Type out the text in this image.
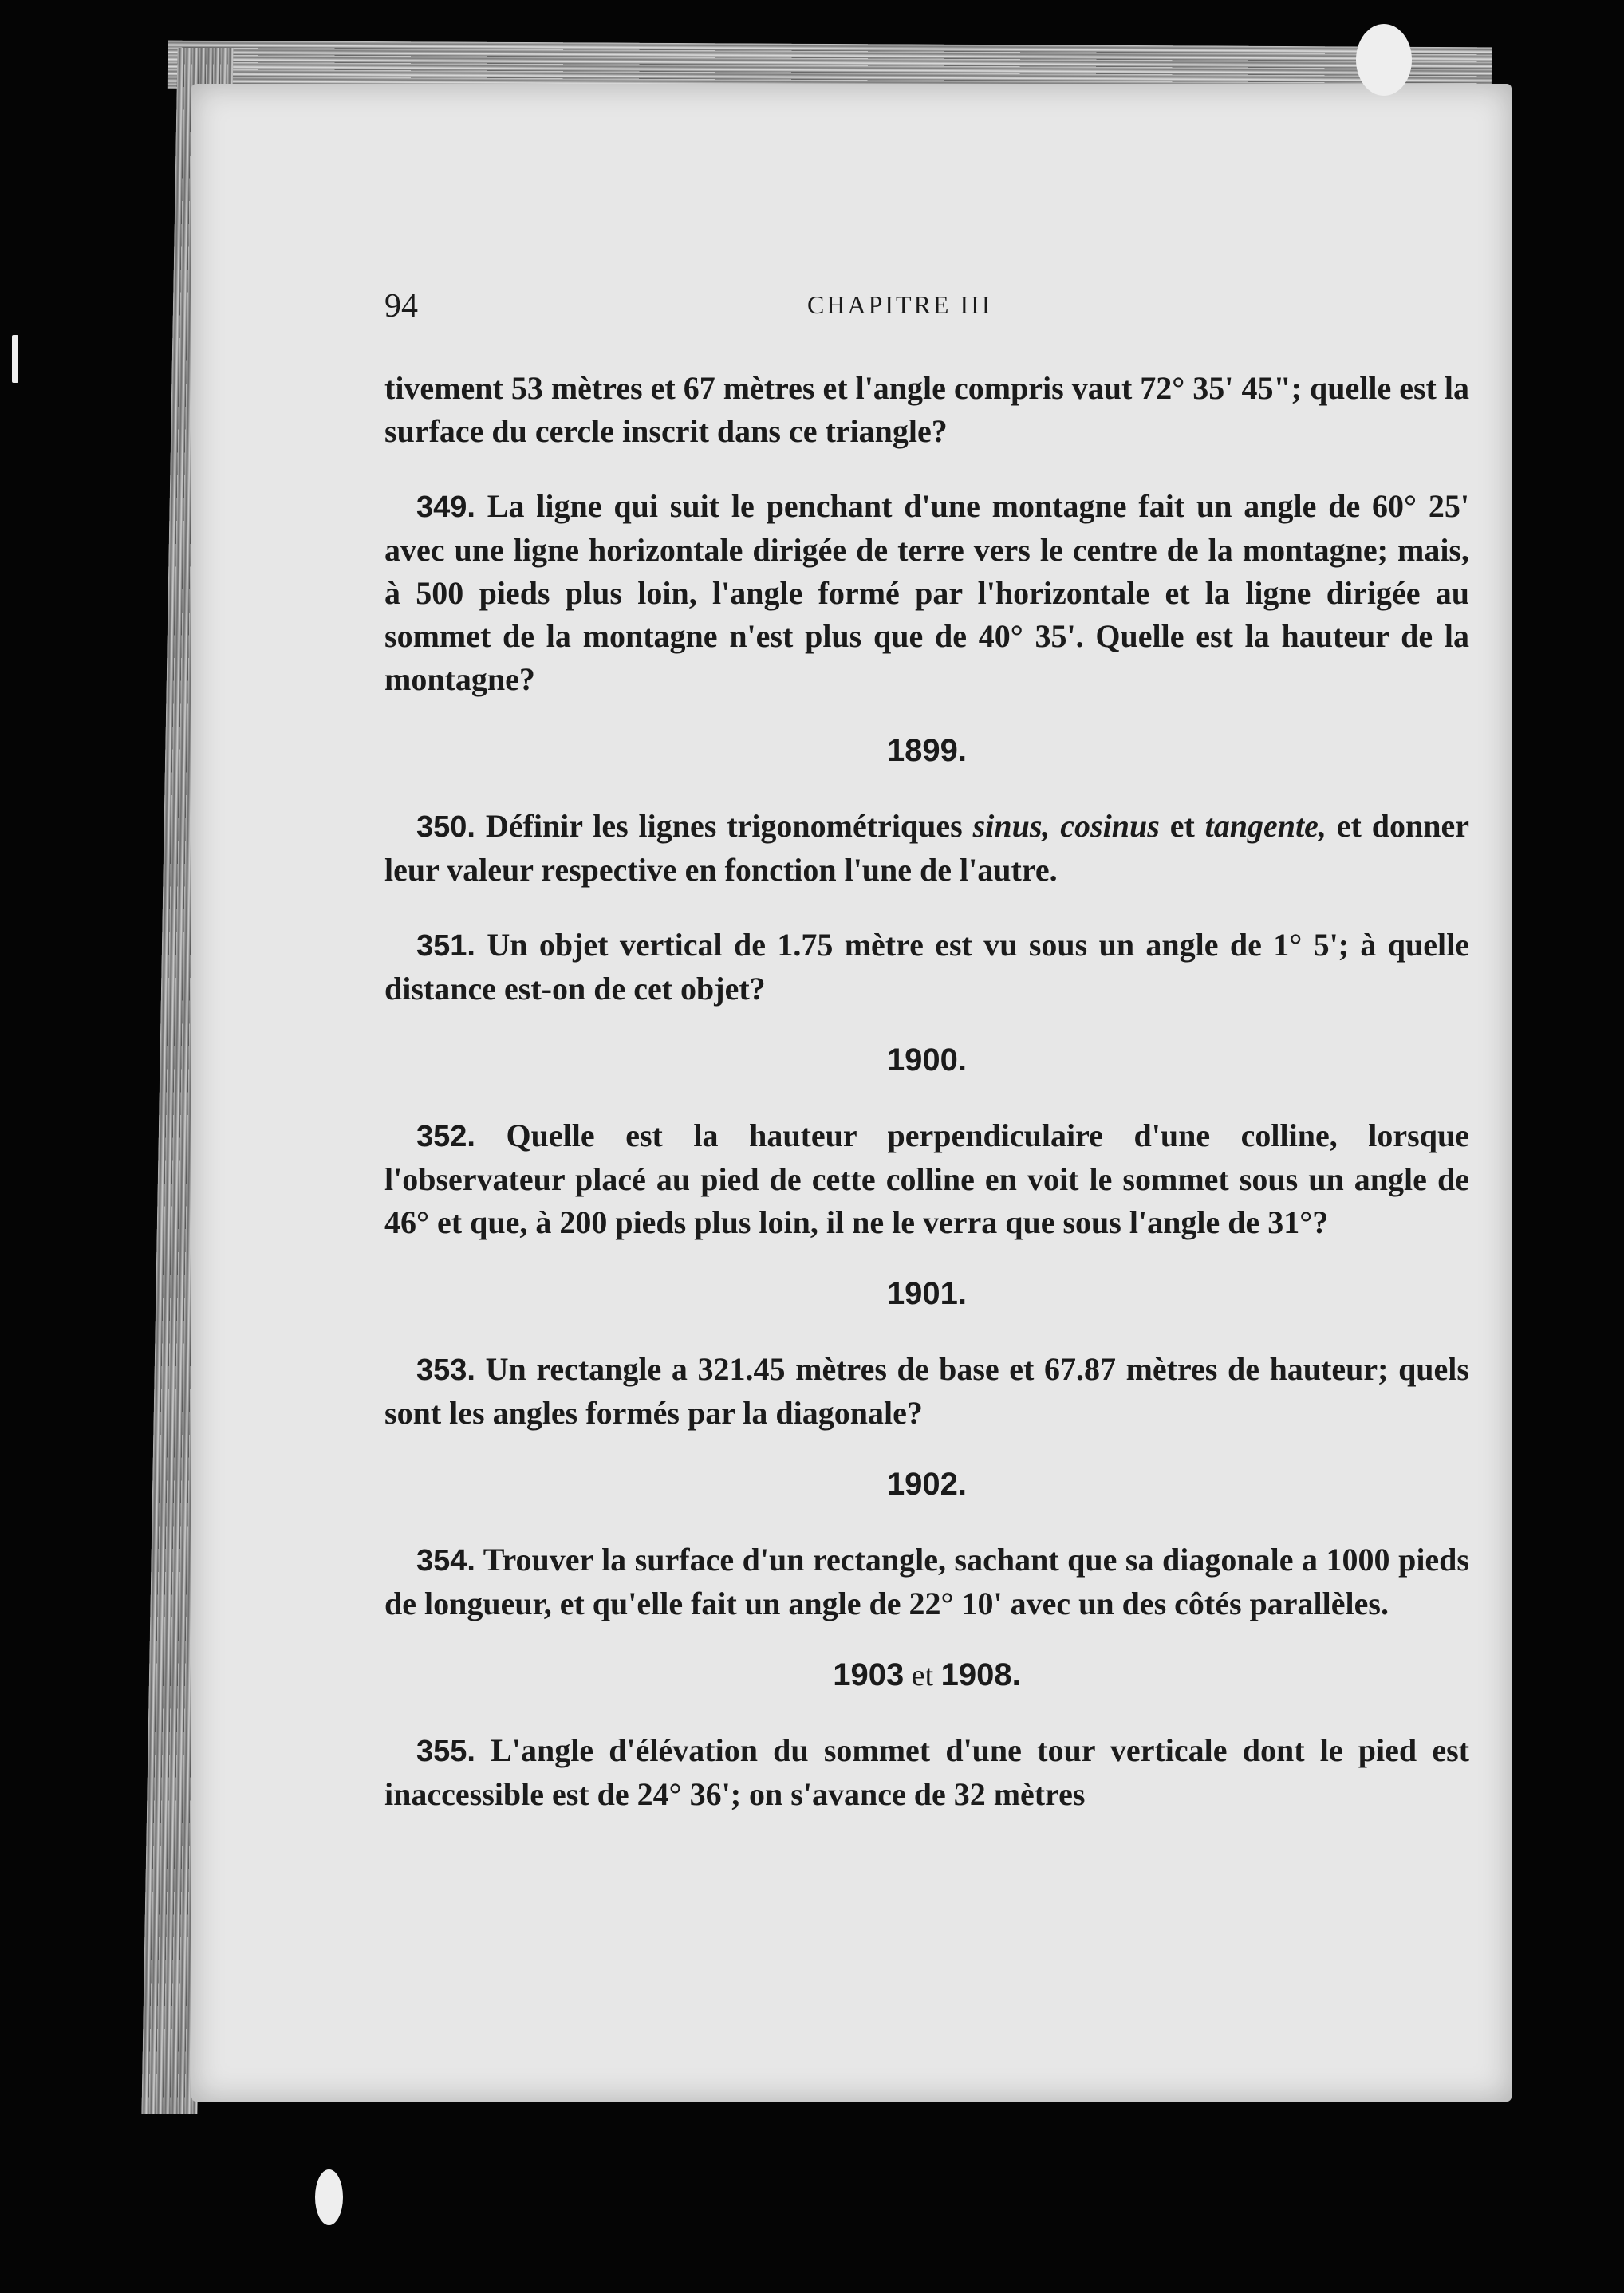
94	CHAPITRE III

tivement 53 mètres et 67 mètres et l'angle compris vaut 72° 35' 45"; quelle est la surface du cercle inscrit dans ce triangle?

349. La ligne qui suit le penchant d'une montagne fait un angle de 60° 25' avec une ligne horizontale dirigée de terre vers le centre de la montagne; mais, à 500 pieds plus loin, l'angle formé par l'horizontale et la ligne dirigée au sommet de la montagne n'est plus que de 40° 35'. Quelle est la hauteur de la montagne?

1899.

350. Définir les lignes trigonométriques sinus, cosinus et tangente, et donner leur valeur respective en fonction l'une de l'autre.

351. Un objet vertical de 1.75 mètre est vu sous un angle de 1° 5'; à quelle distance est-on de cet objet?

1900.

352. Quelle est la hauteur perpendiculaire d'une colline, lorsque l'observateur placé au pied de cette colline en voit le sommet sous un angle de 46° et que, à 200 pieds plus loin, il ne le verra que sous l'angle de 31°?

1901.

353. Un rectangle a 321.45 mètres de base et 67.87 mètres de hauteur; quels sont les angles formés par la diagonale?

1902.

354. Trouver la surface d'un rectangle, sachant que sa diagonale a 1000 pieds de longueur, et qu'elle fait un angle de 22° 10' avec un des côtés parallèles.

1903 et 1908.

355. L'angle d'élévation du sommet d'une tour verticale dont le pied est inaccessible est de 24° 36'; on s'avance de 32 mètres
